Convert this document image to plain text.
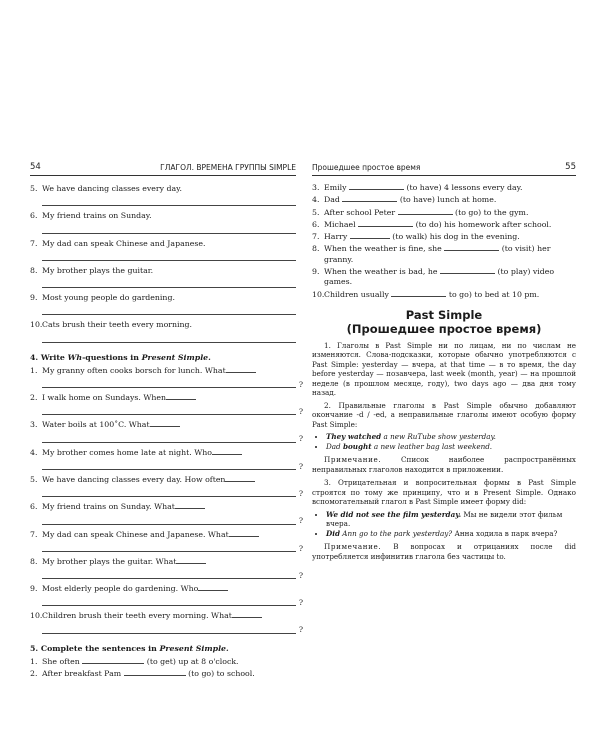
54	ГЛАГОЛ. ВРЕМЕНА ГРУППЫ SIMPLE
5. We have dancing classes every day.
6. My friend trains on Sunday.
7. My dad can speak Chinese and Japanese.
8. My brother plays the guitar.
9. Most young people do gardening.
10. Cats brush their teeth every morning.
4. Write Wh-questions in Present Simple.
1. My granny often cooks borsch for lunch. What
?
2. I walk home on Sundays. When
?
3. Water boils at 100˚C. What
?
4. My brother comes home late at night. Who
?
5. We have dancing classes every day. How often
?
6. My friend trains on Sunday. What
?
7. My dad can speak Chinese and Japanese. What
?
8. My brother plays the guitar. What
?
9. Most elderly people do gardening. Who
?
10. Children brush their teeth every morning. What
?
5. Complete the sentences in Present Simple.
1. She often	(to get) up at 8 o'clock.
2. After breakfast Pam	(to go) to school.
Прошедшее простое время	55
3. Emily	(to have) 4 lessons every day.
4. Dad	(to have) lunch at home.
5. After school Peter	(to go) to the gym.
6. Michael	(to do) his homework after school.
7. Harry	(to walk) his dog in the evening.
8. When the weather is fine, she	(to visit) her
granny.
9. When the weather is bad, he	(to play) video
games.
10. Children usually	to go) to bed at 10 pm.
Past Simple
(Прошедшее простое время)

1. Глаголы в Past Simple ни по лицам, ни по числам не изменяются. Слова-подсказки, которые обычно употребляются с Past Simple: yesterday — вчера, at that time — в то время, the day before yesterday — позавчера, last week (month, year) — на прошлой неделе (в прошлом месяце, году), two days ago — два дня тому назад.

2. Правильные глаголы в Past Simple обычно добавляют окончание -d / -ed, а неправильные глаголы имеют особую форму Past Simple:

• They watched a new RuTube show yesterday.
• Dad bought a new leather bag last weekend.

Примечание.	Список наиболее распространённых неправильных глаголов находится в приложении.

3. Отрицательная и вопросительная формы в Past Simple строятся по тому же принципу, что и в Present Simple. Однако вспомогательный глагол в Past Simple имеет форму did:

• We did not see the film yesterday. Мы не видели этот фильм вчера.
• Did Ann go to the park yesterday? Анна ходила в парк вчера?

Примечание. В вопросах и отрицаниях после did употребляется инфинитив глагола без частицы to.
